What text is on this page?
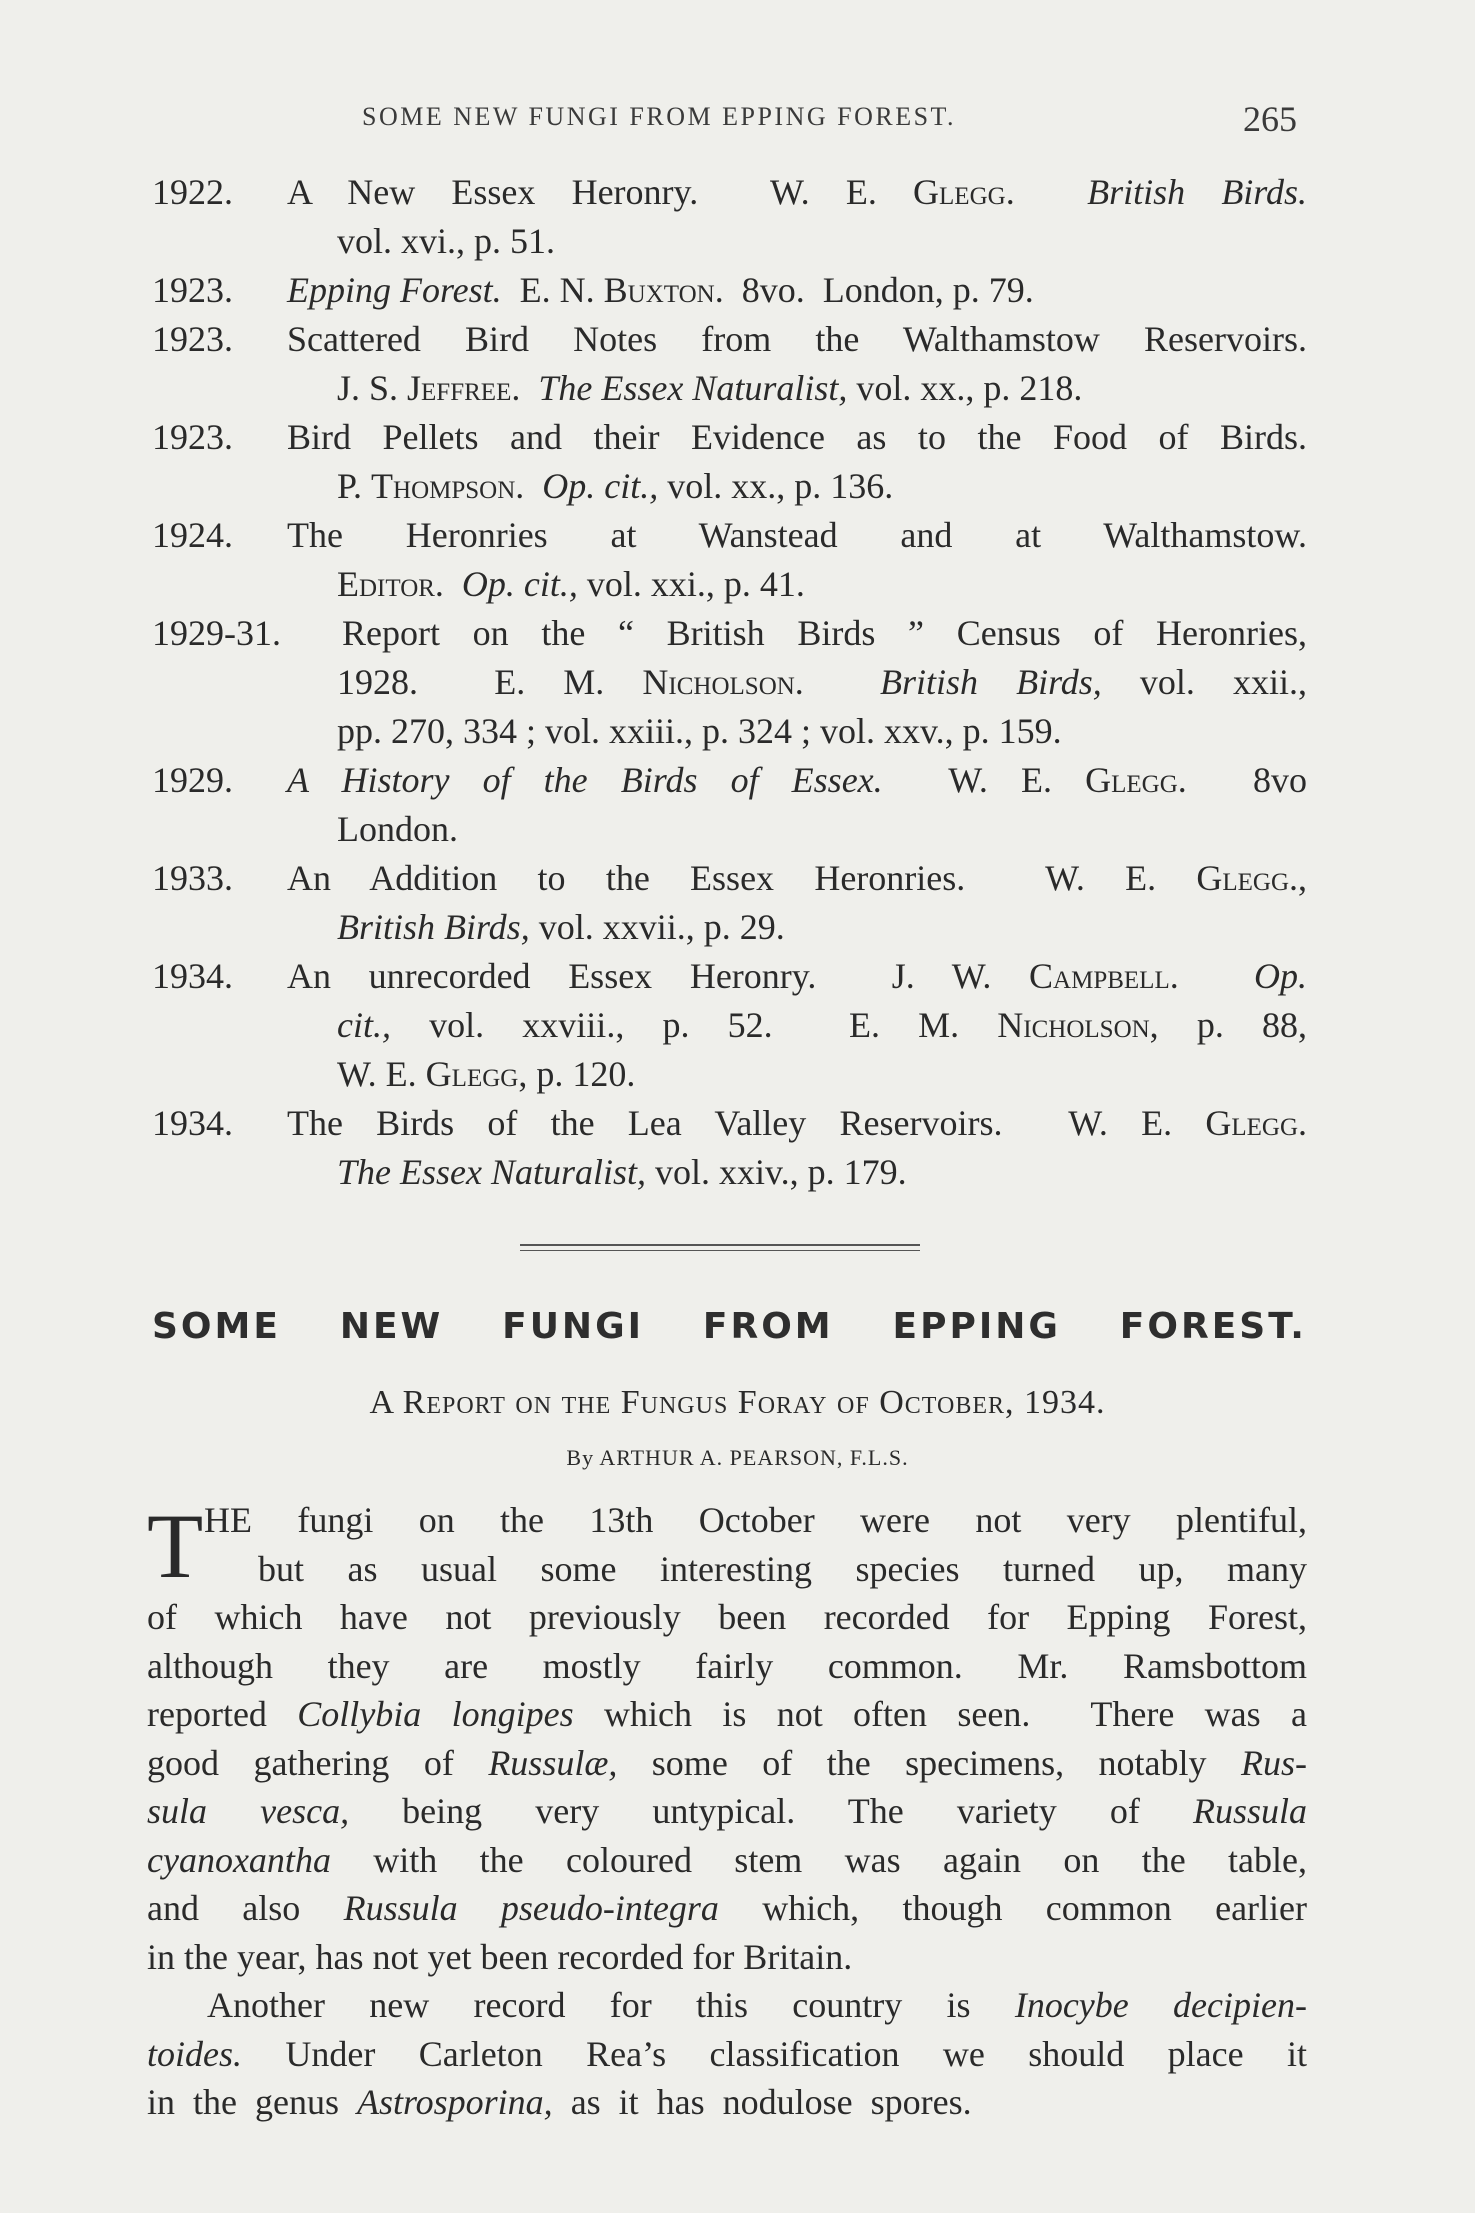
SOME NEW FUNGI FROM EPPING FOREST.	265
1922. A New Essex Heronry.  W. E. Glegg.  British Birds.
vol. xvi., p. 51.
1923. Epping Forest.  E. N. Buxton.  8vo.  London, p. 79.
1923. Scattered Bird Notes from the Walthamstow Reservoirs.
J. S. Jeffree.  The Essex Naturalist, vol. xx., p. 218.
1923. Bird Pellets and their Evidence as to the Food of Birds.
P. Thompson.  Op. cit., vol. xx., p. 136.
1924. The  Heronries  at  Wanstead  and  at  Walthamstow.
Editor.  Op. cit., vol. xxi., p. 41.
1929-31. Report on the “ British Birds ” Census of Heronries,
1928.  E. M. Nicholson.  British Birds, vol. xxii.,
pp. 270, 334 ; vol. xxiii., p. 324 ; vol. xxv., p. 159.
1929. A History of the Birds of Essex.  W. E. Glegg.  8vo
London.
1933. An Addition to the Essex Heronries.  W. E. Glegg.,
British Birds, vol. xxvii., p. 29.
1934. An unrecorded Essex Heronry.  J. W. Campbell.  Op.
cit., vol. xxviii., p. 52.  E. M. Nicholson, p. 88,
W. E. Glegg, p. 120.
1934. The Birds of the Lea Valley Reservoirs.  W. E. Glegg.
The Essex Naturalist, vol. xxiv., p. 179.
SOME NEW FUNGI FROM EPPING FOREST.
A Report on the Fungus Foray of October, 1934.
By ARTHUR A. PEARSON, F.L.S.
T HE  fungi  on  the  13th  October  were  not  very  plentiful,
but  as  usual  some  interesting  species  turned  up,  many
of which have not previously been recorded for Epping Forest,
although  they  are  mostly  fairly  common.  Mr.  Ramsbottom
reported Collybia longipes which is not often seen.  There was a
good gathering of Russulæ, some of the specimens, notably Rus-
sula  vesca,  being  very  untypical.  The  variety  of  Russula
cyanoxantha  with  the  coloured  stem  was  again  on  the  table,
and  also  Russula  pseudo-integra  which,  though  common  earlier
in the year, has not yet been recorded for Britain.
Another  new  record  for  this  country  is  Inocybe  decipien-
toides.  Under  Carleton  Rea’s  classification  we  should  place  it
in  the  genus  Astrosporina,  as  it  has  nodulose  spores.
